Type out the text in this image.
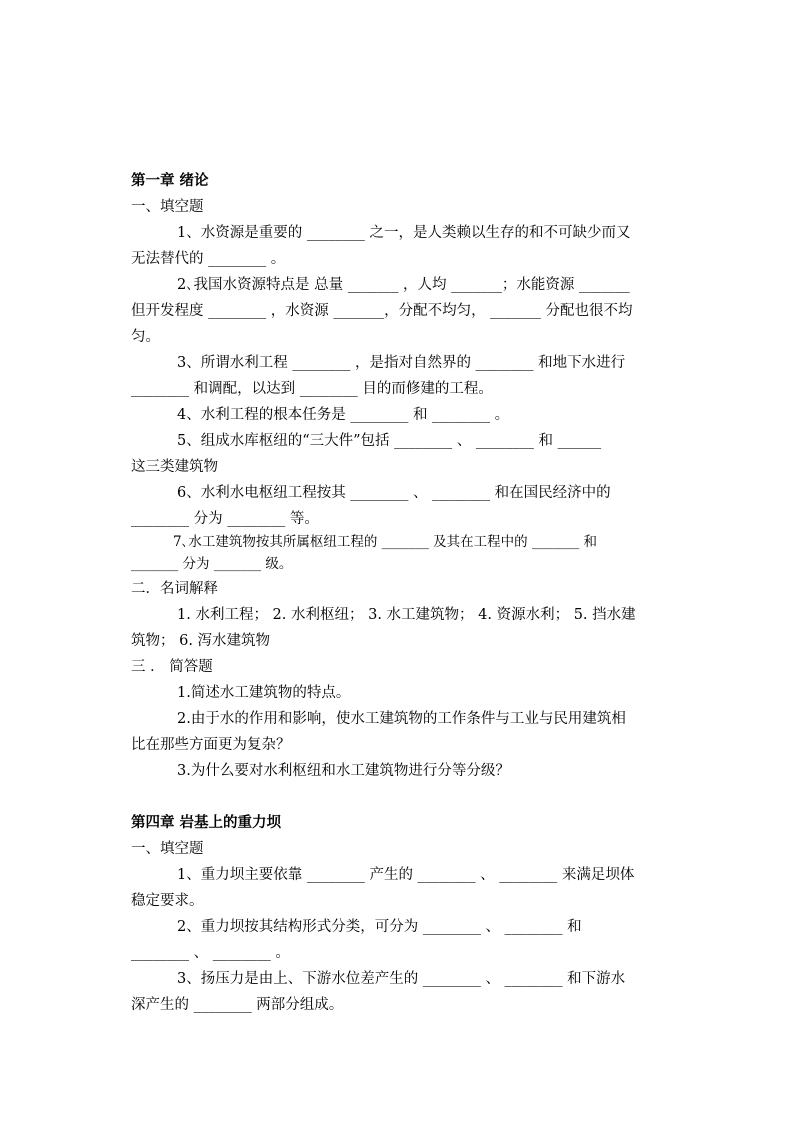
第一章 绪论
一、填空题
1、水资源是重要的 ________ 之一，是人类赖以生存的和不可缺少而又
无法替代的 ________ 。
2､我国水资源特点是 总量 _______ ，人均 _______；水能资源 _______
但开发程度 ________ ，水资源 _______，分配不均匀， _______ 分配也很不均
匀。
3、所谓水利工程 ________ ，是指对自然界的 ________ 和地下水进行
________ 和调配，以达到 ________ 目的而修建的工程。
4、水利工程的根本任务是 ________ 和 ________ 。
5、组成水库枢纽的“三大件”包括 ________ 、 ________ 和 ______
这三类建筑物
6、水利水电枢纽工程按其 ________ 、 ________ 和在国民经济中的
________ 分为 ________ 等。
7､水工建筑物按其所属枢纽工程的 _______ 及其在工程中的 _______ 和
_______ 分为 _______ 级。
二．名词解释
1. 水利工程； 2. 水利枢纽； 3. 水工建筑物； 4. 资源水利； 5. 挡水建
筑物； 6. 泻水建筑物
三 ． 简答题
1.简述水工建筑物的特点。
2.由于水的作用和影响，使水工建筑物的工作条件与工业与民用建筑相
比在那些方面更为复杂？
3.为什么要对水利枢纽和水工建筑物进行分等分级？
第四章 岩基上的重力坝
一、填空题
1、重力坝主要依靠 ________ 产生的 ________ 、 ________ 来满足坝体
稳定要求。
2、重力坝按其结构形式分类，可分为 ________ 、 ________ 和
________ 、 ________ 。
3、扬压力是由上、下游水位差产生的 ________ 、 ________ 和下游水
深产生的 ________ 两部分组成。
